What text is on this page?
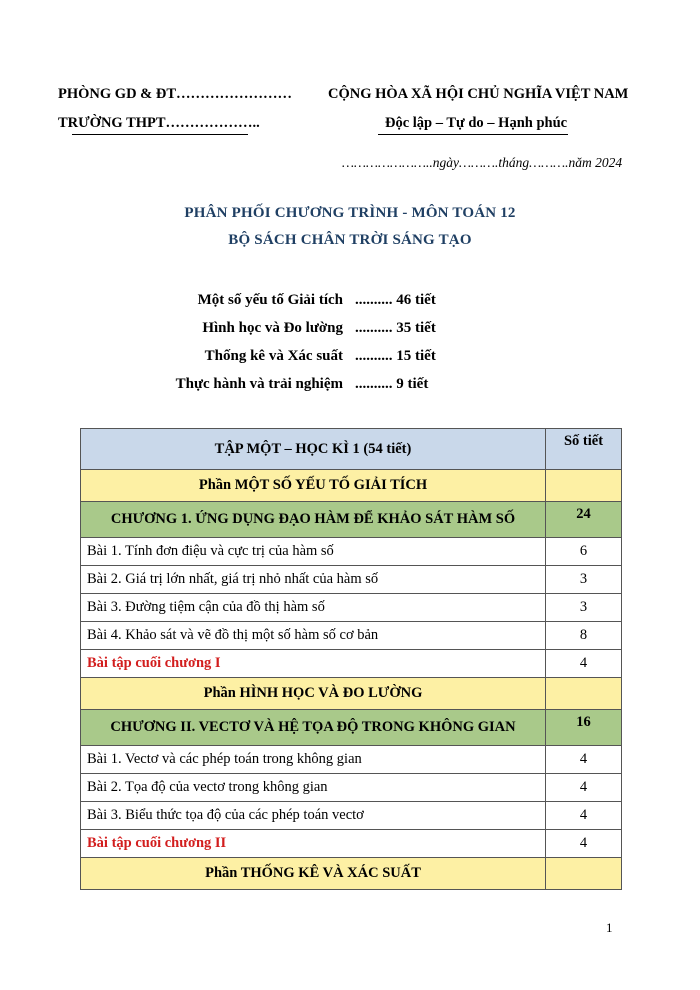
PHÒNG GD & ĐT…………………… CỘNG HÒA XÃ HỘI CHỦ NGHĨA VIỆT NAM
TRƯỜNG THPT………………..	Độc lập – Tự do – Hạnh phúc
…………………..ngày……….tháng……….năm 2024
PHÂN PHỐI CHƯƠNG TRÌNH - MÔN TOÁN 12
BỘ SÁCH CHÂN TRỜI SÁNG TẠO
Một số yếu tố Giải tích .......... 46 tiết
Hình học và Đo lường .......... 35 tiết
Thống kê và Xác suất .......... 15 tiết
Thực hành và trải nghiệm .......... 9 tiết
TẬP MỘT – HỌC KÌ 1 (54 tiết)	Số tiết
Phần MỘT SỐ YẾU TỐ GIẢI TÍCH	
CHƯƠNG 1. ỨNG DỤNG ĐẠO HÀM ĐỂ KHẢO SÁT HÀM SỐ	24
Bài 1. Tính đơn điệu và cực trị của hàm số	6
Bài 2. Giá trị lớn nhất, giá trị nhỏ nhất của hàm số	3
Bài 3. Đường tiệm cận của đồ thị hàm số	3
Bài 4. Khảo sát và vẽ đồ thị một số hàm số cơ bản	8
Bài tập cuối chương I	4
Phần HÌNH HỌC VÀ ĐO LƯỜNG	
CHƯƠNG II. VECTƠ VÀ HỆ TỌA ĐỘ TRONG KHÔNG GIAN	16
Bài 1. Vectơ và các phép toán trong không gian	4
Bài 2. Tọa độ của vectơ trong không gian	4
Bài 3. Biểu thức tọa độ của các phép toán vectơ	4
Bài tập cuối chương II	4
Phần THỐNG KÊ VÀ XÁC SUẤT	
1
